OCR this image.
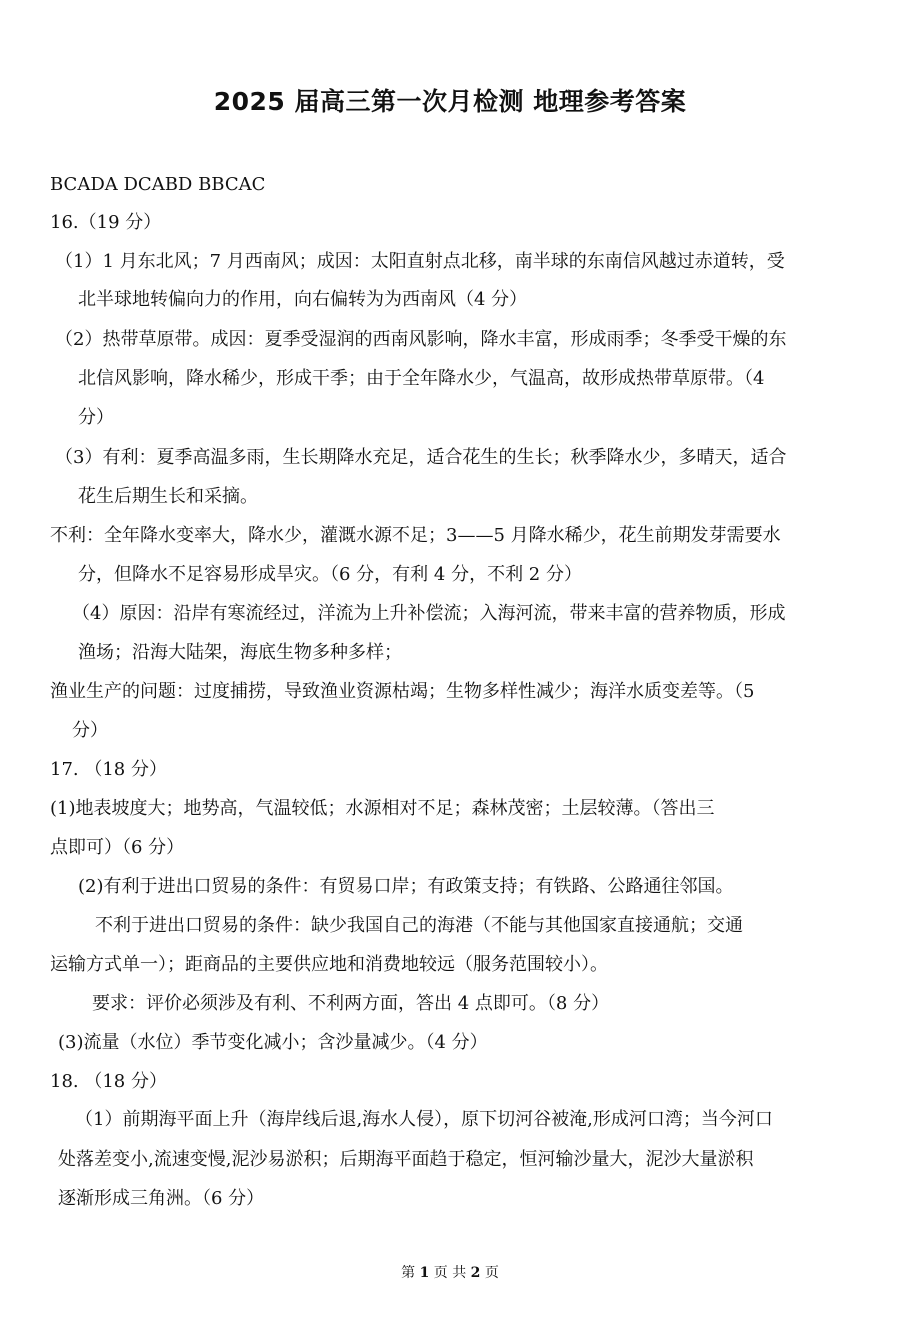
2025 届高三第一次月检测 地理参考答案
BCADA DCABD BBCAC
16.（19 分）
（1）1 月东北风；7 月西南风；成因：太阳直射点北移，南半球的东南信风越过赤道转，受
北半球地转偏向力的作用，向右偏转为为西南风（4 分）
（2）热带草原带。成因：夏季受湿润的西南风影响，降水丰富，形成雨季；冬季受干燥的东
北信风影响，降水稀少，形成干季；由于全年降水少，气温高，故形成热带草原带。（4
分）
（3）有利：夏季高温多雨，生长期降水充足，适合花生的生长；秋季降水少，多晴天，适合
花生后期生长和采摘。
不利：全年降水变率大，降水少，灌溉水源不足；3——5 月降水稀少，花生前期发芽需要水
分，但降水不足容易形成旱灾。（6 分，有利 4 分，不利 2 分）
（4）原因：沿岸有寒流经过，洋流为上升补偿流；入海河流，带来丰富的营养物质，形成
渔场；沿海大陆架，海底生物多种多样；
渔业生产的问题：过度捕捞，导致渔业资源枯竭；生物多样性减少；海洋水质变差等。（5
分）
17. （18 分）
(1)地表坡度大；地势高，气温较低；水源相对不足；森林茂密；土层较薄。（答出三
点即可）（6 分）
(2)有利于进出口贸易的条件：有贸易口岸；有政策支持；有铁路、公路通往邻国。
不利于进出口贸易的条件：缺少我国自己的海港（不能与其他国家直接通航；交通
运输方式单一）；距商品的主要供应地和消费地较远（服务范围较小）。
要求：评价必须涉及有利、不利两方面，答出 4 点即可。（8 分）
(3)流量（水位）季节变化减小；含沙量减少。（4 分）
18. （18 分）
（1）前期海平面上升（海岸线后退,海水人侵），原下切河谷被淹,形成河口湾；当今河口
处落差变小,流速变慢,泥沙易淤积；后期海平面趋于稳定，恒河输沙量大，泥沙大量淤积
逐渐形成三角洲。（6 分）
第 1 页 共 2 页
